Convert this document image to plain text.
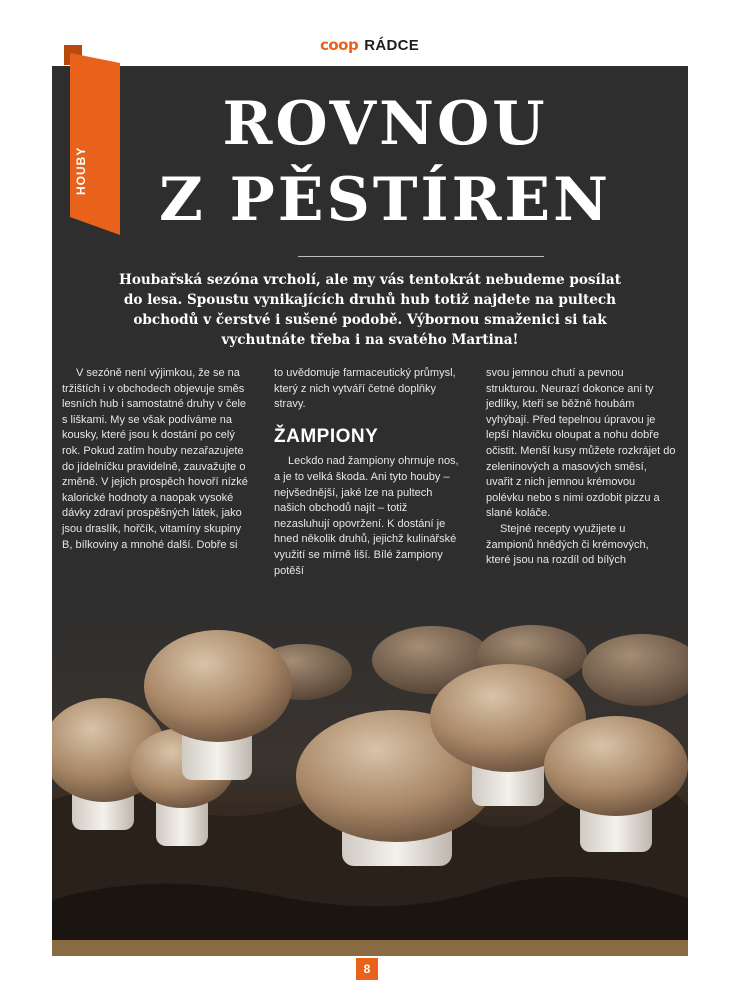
coop RÁDCE
HOUBY
ROVNOU
Z PĚSTÍREN

Houbařská sezóna vrcholí, ale my vás tentokrát nebudeme posílat do lesa. Spoustu vynikajících druhů hub totiž najdete na pultech obchodů v čerstvé i sušené podobě. Výbornou smaženici si tak vychutnáte třeba i na svatého Martina!

V sezóně není výjimkou, že se na tržištích i v obchodech objevuje směs lesních hub i samostatné druhy v čele s liškami. My se však podíváme na kousky, které jsou k dostání po celý rok. Pokud zatím houby nezařazujete do jídelníčku pravidelně, zauvažujte o změně. V jejich prospěch hovoří nízké kalorické hodnoty a naopak vysoké dávky zdraví prospěšných látek, jako jsou draslík, hořčík, vitamíny skupiny B, bílkoviny a mnohé další. Dobře si

to uvědomuje farmaceutický průmysl, který z nich vytváří četné doplňky stravy.

ŽAMPIONY

Leckdo nad žampiony ohrnuje nos, a je to velká škoda. Ani tyto houby – nejvšednější, jaké lze na pultech našich obchodů najít – totiž nezasluhují opovržení. K dostání je hned několik druhů, jejichž kulinářské využití se mírně liší. Bílé žampiony potěší

svou jemnou chutí a pevnou strukturou. Neurazí dokonce ani ty jedlíky, kteří se běžně houbám vyhýbají. Před tepelnou úpravou je lepší hlavičku oloupat a nohu dobře očistit. Menší kusy můžete rozkrájet do zeleninových a masových směsí, uvařit z nich jemnou krémovou polévku nebo s nimi ozdobit pizzu a slané koláče.

Stejné recepty využijete u žampionů hnědých či krémových, které jsou na rozdíl od bílých

8
